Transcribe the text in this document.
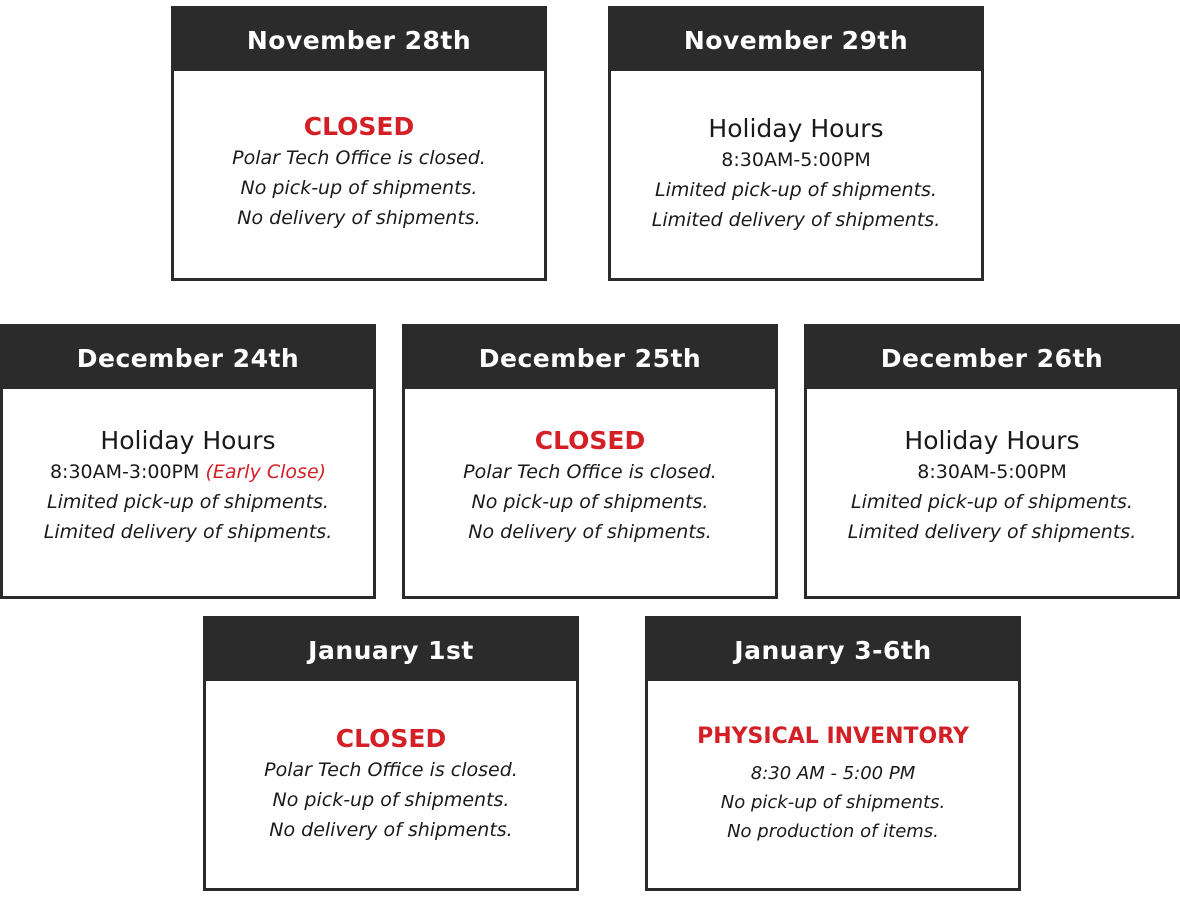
November 28th
CLOSED
Polar Tech Office is closed.
No pick-up of shipments.
No delivery of shipments.
November 29th
Holiday Hours
8:30AM-5:00PM
Limited pick-up of shipments.
Limited delivery of shipments.
December 24th
Holiday Hours
8:30AM-3:00PM (Early Close)
Limited pick-up of shipments.
Limited delivery of shipments.
December 25th
CLOSED
Polar Tech Office is closed.
No pick-up of shipments.
No delivery of shipments.
December 26th
Holiday Hours
8:30AM-5:00PM
Limited pick-up of shipments.
Limited delivery of shipments.
January 1st
CLOSED
Polar Tech Office is closed.
No pick-up of shipments.
No delivery of shipments.
January 3-6th
PHYSICAL INVENTORY
8:30 AM - 5:00 PM
No pick-up of shipments.
No production of items.
